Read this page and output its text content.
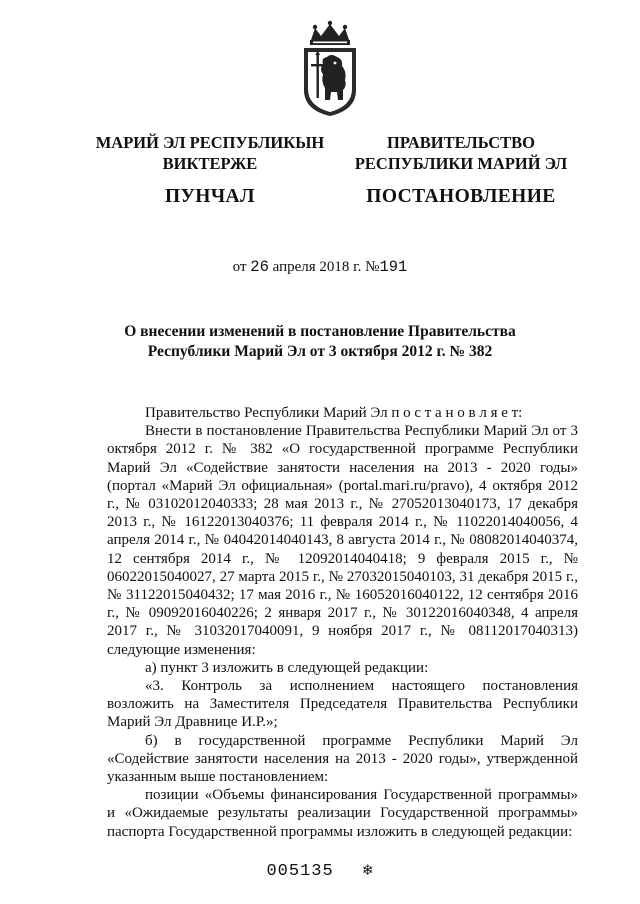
МАРИЙ ЭЛ РЕСПУБЛИКЫН
ВИКТЕРЖЕ
ПУНЧАЛ
ПРАВИТЕЛЬСТВО
РЕСПУБЛИКИ МАРИЙ ЭЛ
ПОСТАНОВЛЕНИЕ
от 26 апреля 2018 г. №191
О внесении изменений в постановление Правительства
Республики Марий Эл от 3 октября 2012 г. № 382

Правительство Республики Марий Эл п о с т а н о в л я е т:

Внести в постановление Правительства Республики Марий Эл от 3 октября 2012 г. № 382 «О государственной программе Республики Марий Эл «Содействие занятости населения на 2013 - 2020 годы» (портал «Марий Эл официальная» (portal.mari.ru/pravo), 4 октября 2012 г., № 03102012040333; 28 мая 2013 г., № 27052013040173, 17 декабря 2013 г., № 16122013040376; 11 февраля 2014 г., № 11022014040056, 4 апреля 2014 г., № 04042014040143, 8 августа 2014 г., № 08082014040374, 12 сентября 2014 г., № 12092014040418; 9 февраля 2015 г., № 06022015040027, 27 марта 2015 г., № 27032015040103, 31 декабря 2015 г., № 31122015040432; 17 мая 2016 г., № 16052016040122, 12 сентября 2016 г., № 09092016040226; 2 января 2017 г., № 30122016040348, 4 апреля 2017 г., № 31032017040091, 9 ноября 2017 г., № 08112017040313) следующие изменения:

а) пункт 3 изложить в следующей редакции:

«3. Контроль за исполнением настоящего постановления возложить на Заместителя Председателя Правительства Республики Марий Эл Дравнице И.Р.»;

б) в государственной программе Республики Марий Эл «Содействие занятости населения на 2013 - 2020 годы», утвержденной указанным выше постановлением:

позиции «Объемы финансирования Государственной программы» и «Ожидаемые результаты реализации Государственной программы» паспорта Государственной программы изложить в следующей редакции:

005135 ❄
